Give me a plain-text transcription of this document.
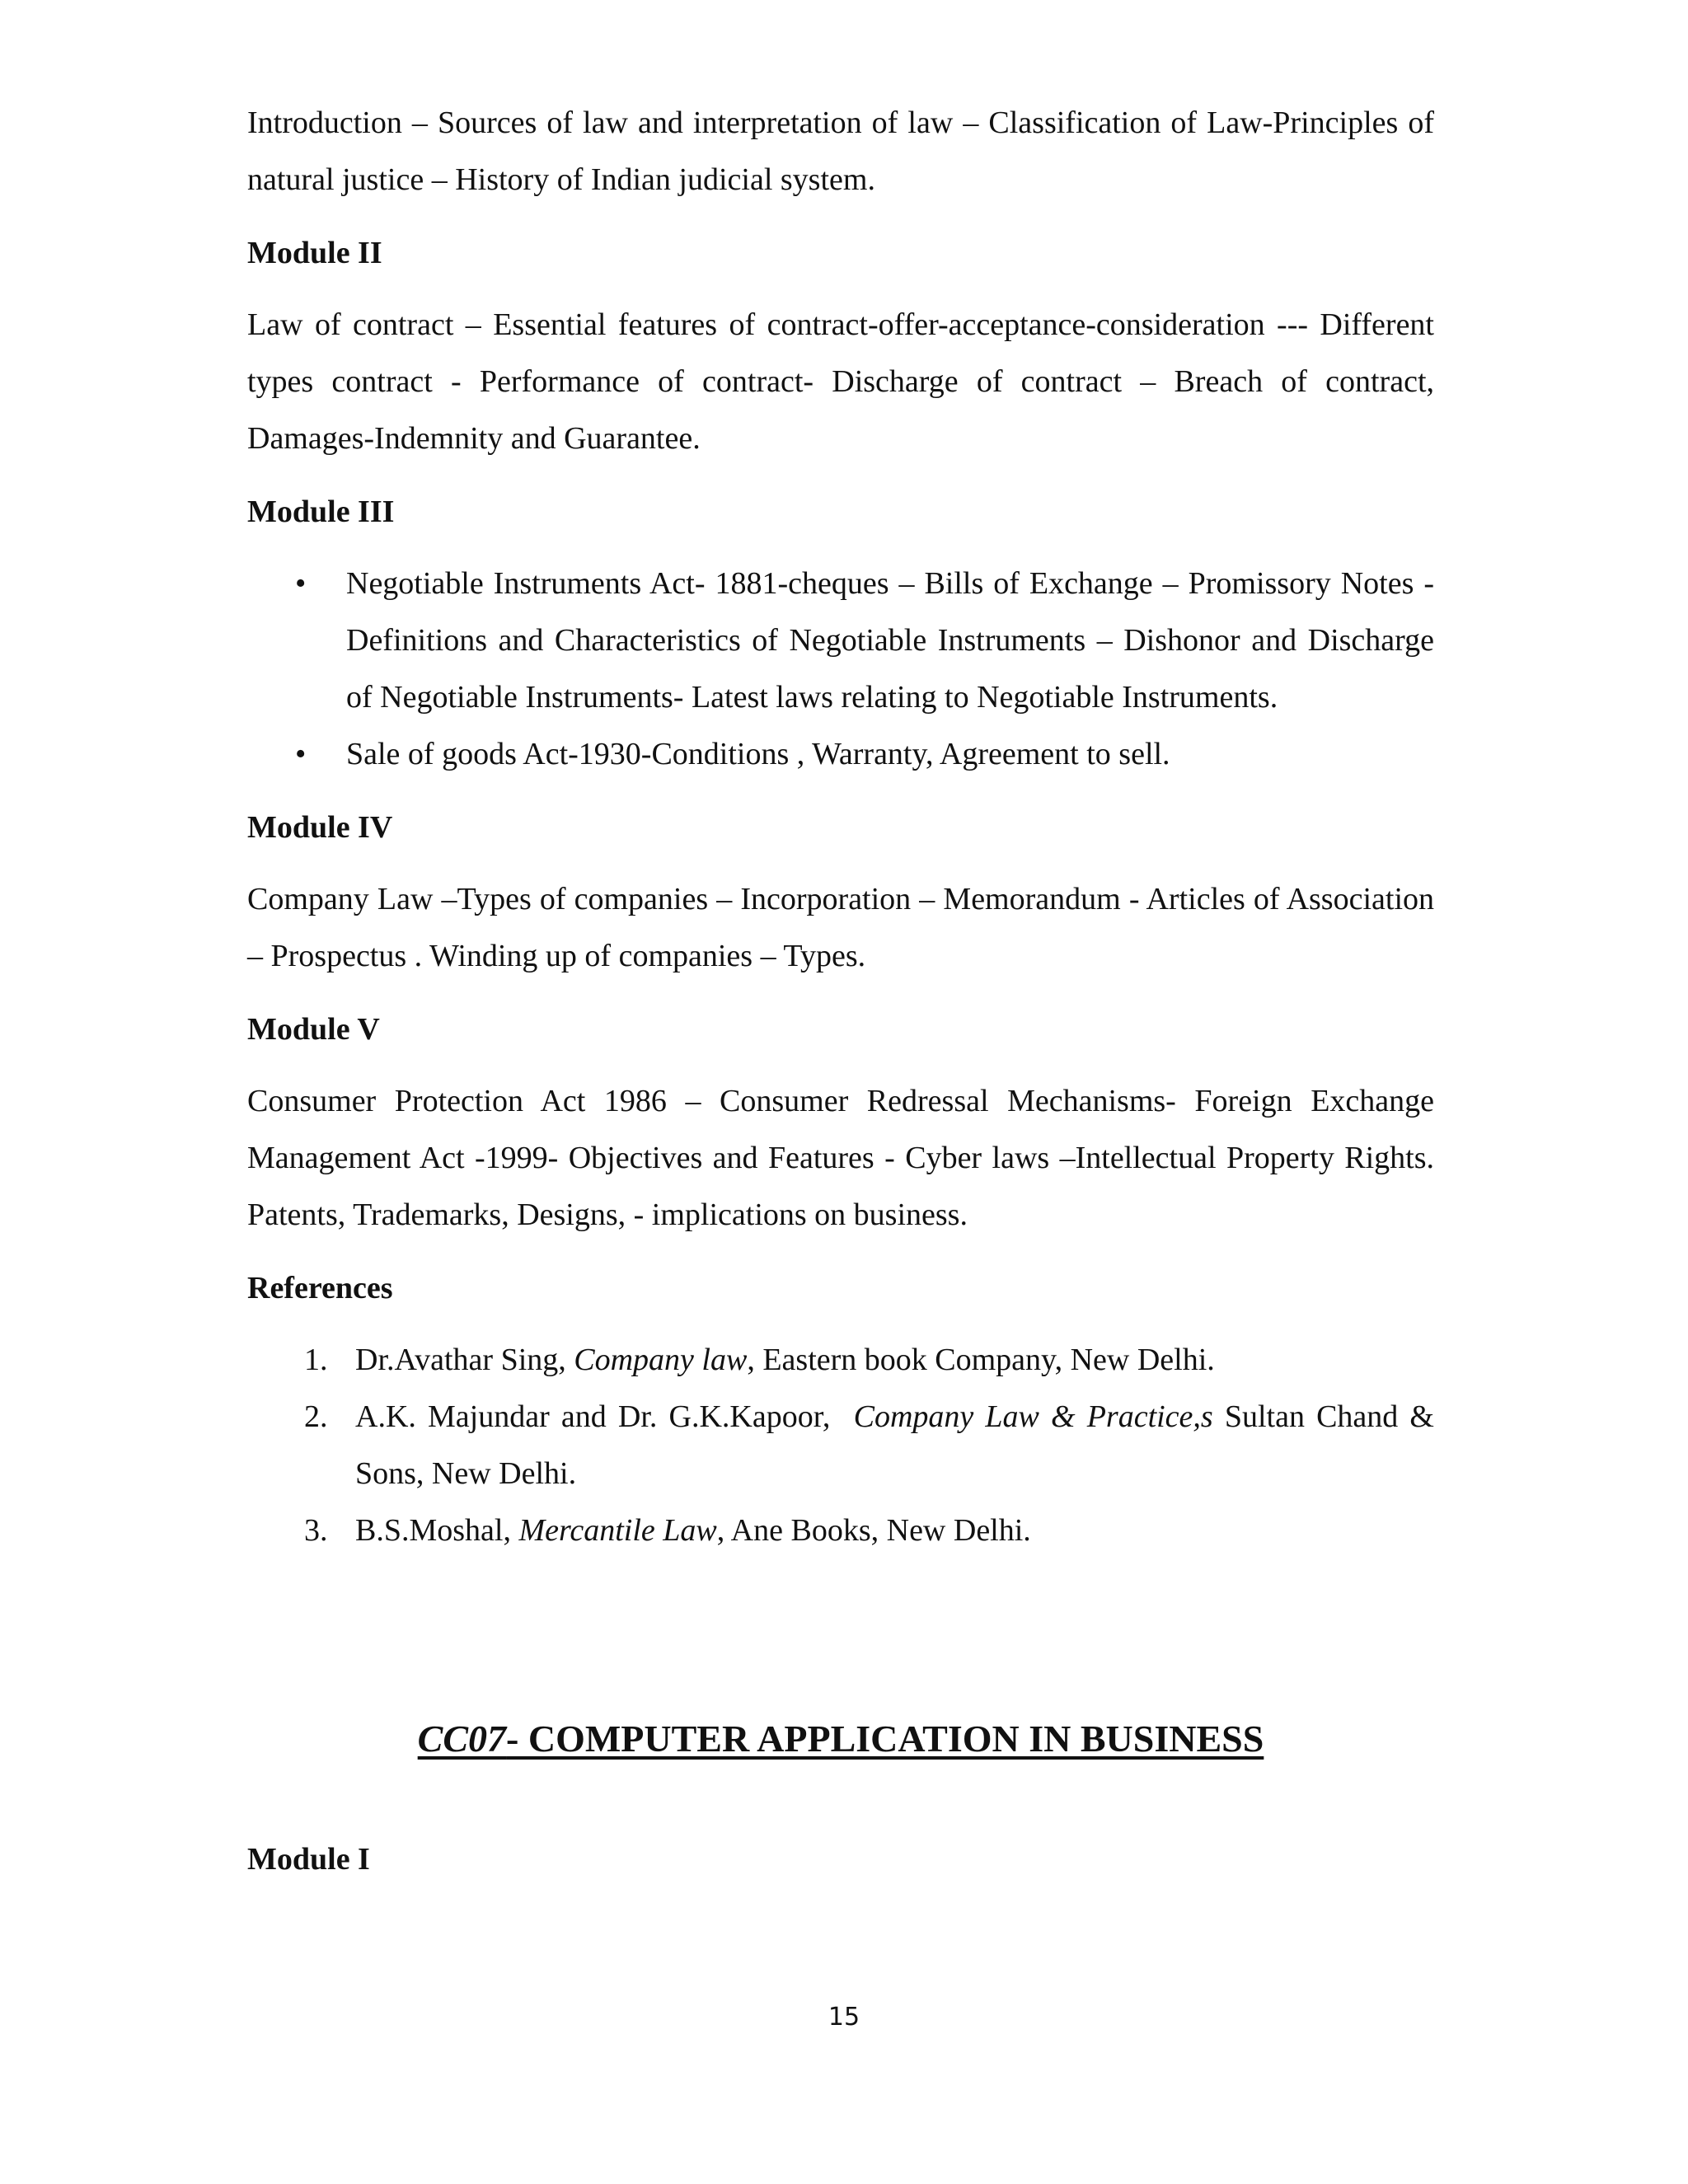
Introduction – Sources of law and interpretation of law – Classification of Law-Principles of natural justice – History of Indian judicial system.

Module II

Law of contract – Essential features of contract-offer-acceptance-consideration --- Different types contract - Performance of contract- Discharge of contract – Breach of contract, Damages-Indemnity and Guarantee.

Module III

• Negotiable Instruments Act- 1881-cheques – Bills of Exchange – Promissory Notes - Definitions and Characteristics of Negotiable Instruments – Dishonor and Discharge of Negotiable Instruments- Latest laws relating to Negotiable Instruments.
• Sale of goods Act-1930-Conditions , Warranty, Agreement to sell.

Module IV

Company Law –Types of companies – Incorporation – Memorandum - Articles of Association – Prospectus . Winding up of companies – Types.

Module V

Consumer Protection Act 1986 – Consumer Redressal Mechanisms- Foreign Exchange Management Act -1999- Objectives and Features - Cyber laws –Intellectual Property Rights. Patents, Trademarks, Designs, - implications on business.

References

1. Dr.Avathar Sing, Company law, Eastern book Company, New Delhi.
2. A.K. Majundar and Dr. G.K.Kapoor,  Company Law & Practice,s Sultan Chand & Sons, New Delhi.
3. B.S.Moshal, Mercantile Law, Ane Books, New Delhi.
CC07- COMPUTER APPLICATION IN BUSINESS
Module I
15
